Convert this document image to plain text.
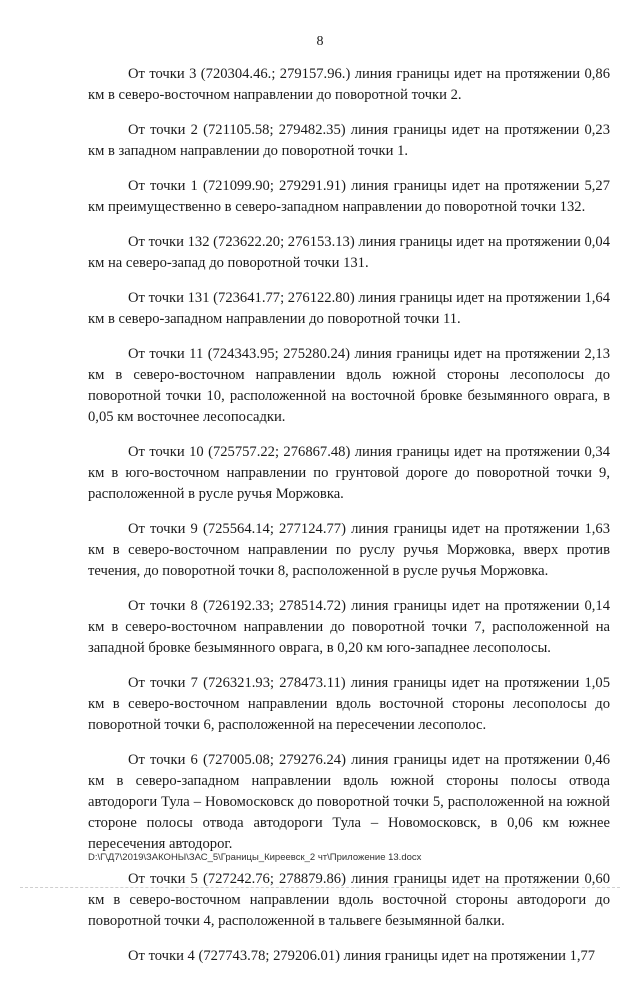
8

От точки 3 (720304.46.; 279157.96.) линия границы идет на протяжении 0,86 км в северо-восточном направлении до поворотной точки 2.

От точки 2 (721105.58; 279482.35) линия границы идет на протяжении 0,23 км в западном направлении до поворотной точки 1.

От точки 1 (721099.90; 279291.91) линия границы идет на протяжении 5,27 км преимущественно в северо-западном направлении до поворотной точки 132.

От точки 132 (723622.20; 276153.13) линия границы идет на протяжении 0,04 км на северо-запад до поворотной точки 131.

От точки 131 (723641.77; 276122.80) линия границы идет на протяжении 1,64 км в северо-западном направлении до поворотной точки 11.

От точки 11 (724343.95; 275280.24) линия границы идет на протяжении 2,13 км в северо-восточном направлении вдоль южной стороны лесополосы до поворотной точки 10, расположенной на восточной бровке безымянного оврага, в 0,05 км восточнее лесопосадки.

От точки 10 (725757.22; 276867.48) линия границы идет на протяжении 0,34 км в юго-восточном направлении по грунтовой дороге до поворотной точки 9, расположенной в русле ручья Моржовка.

От точки 9 (725564.14; 277124.77) линия границы идет на протяжении 1,63 км в северо-восточном направлении по руслу ручья Моржовка, вверх против течения, до поворотной точки 8, расположенной в русле ручья Моржовка.

От точки 8 (726192.33; 278514.72) линия границы идет на протяжении 0,14 км в северо-восточном направлении до поворотной точки 7, расположенной на западной бровке безымянного оврага, в 0,20 км юго-западнее лесополосы.

От точки 7 (726321.93; 278473.11) линия границы идет на протяжении 1,05 км в северо-восточном направлении вдоль восточной стороны лесополосы до поворотной точки 6, расположенной на пересечении лесополос.

От точки 6 (727005.08; 279276.24) линия границы идет на протяжении 0,46 км в северо-западном направлении вдоль южной стороны полосы отвода автодороги Тула – Новомосковск до поворотной точки 5, расположенной на южной стороне полосы отвода автодороги Тула – Новомосковск, в 0,06 км южнее пересечения автодорог.

От точки 5 (727242.76; 278879.86) линия границы идет на протяжении 0,60 км в северо-восточном направлении вдоль восточной стороны автодороги до поворотной точки 4, расположенной в тальвеге безымянной балки.

От точки 4 (727743.78; 279206.01) линия границы идет на протяжении 1,77

D:\Г\Д7\2019\ЗАКОНЫ\ЗАС_5\Границы_Киреевск_2 чт\Приложение 13.docx
